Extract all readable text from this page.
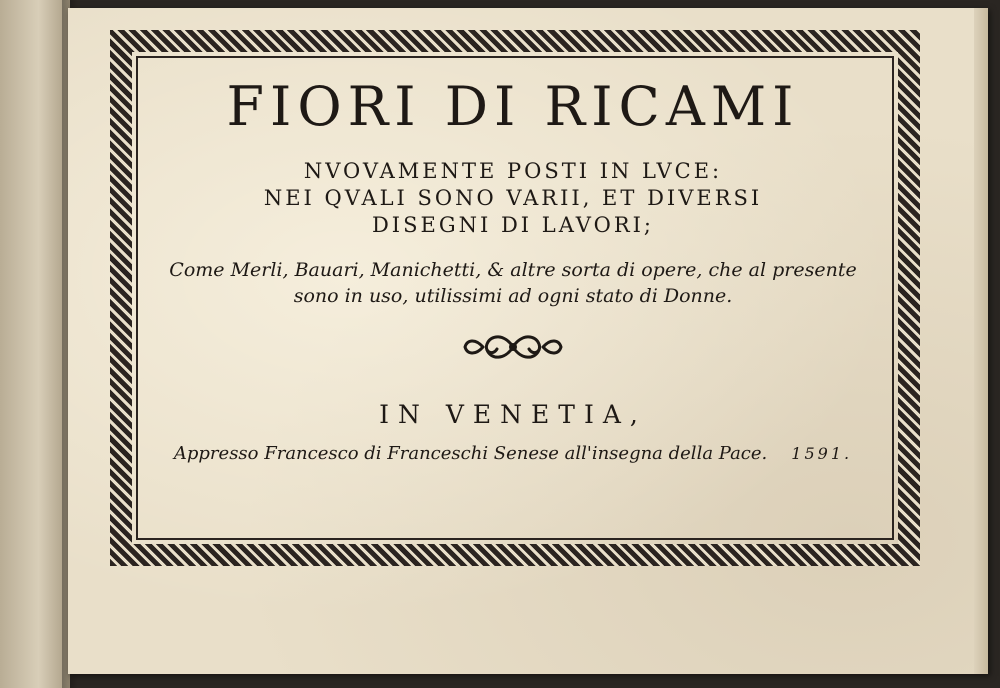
FIORI DI RICAMI
NVOVAMENTE POSTI IN LVCE:
NEI QVALI SONO VARII, ET DIVERSI
DISEGNI DI LAVORI;
Come Merli, Bauari, Manichetti, & altre sorta di opere, che al presente
sono in uso, utilissimi ad ogni stato di Donne.
IN VENETIA,
Appresso Francesco di Franceschi Senese all'insegna della Pace. 1591.
